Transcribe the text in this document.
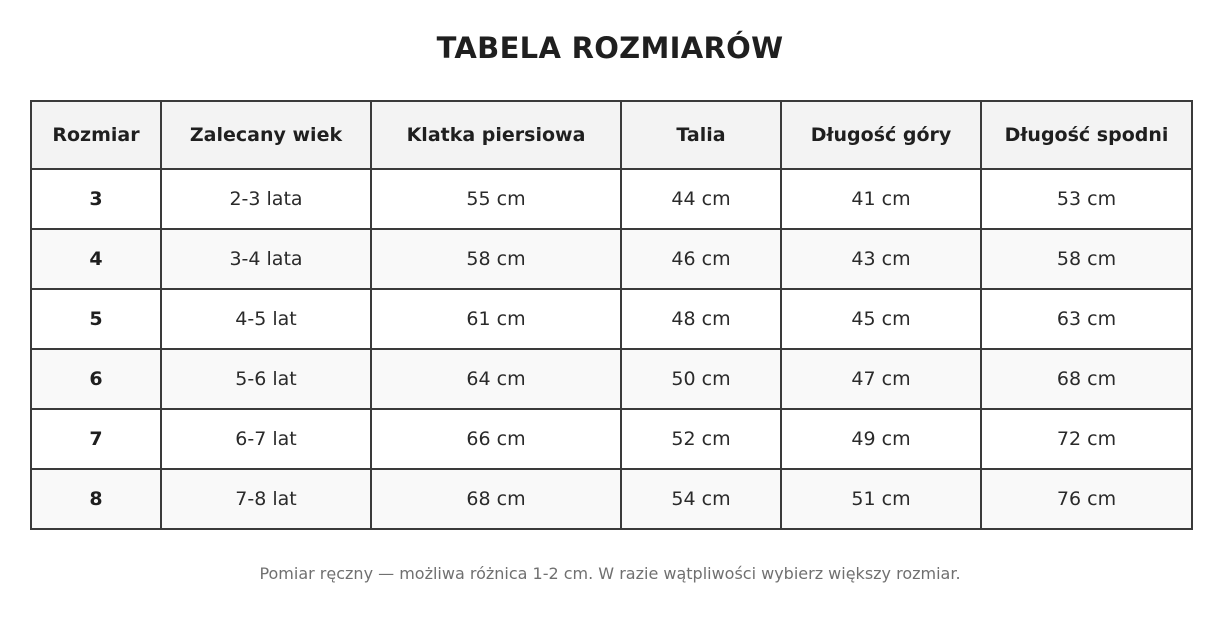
TABELA ROZMIARÓW
Rozmiar	Zalecany wiek	Klatka piersiowa	Talia	Długość góry	Długość spodni
3	2-3 lata	55 cm	44 cm	41 cm	53 cm
4	3-4 lata	58 cm	46 cm	43 cm	58 cm
5	4-5 lat	61 cm	48 cm	45 cm	63 cm
6	5-6 lat	64 cm	50 cm	47 cm	68 cm
7	6-7 lat	66 cm	52 cm	49 cm	72 cm
8	7-8 lat	68 cm	54 cm	51 cm	76 cm
Pomiar ręczny — możliwa różnica 1-2 cm. W razie wątpliwości wybierz większy rozmiar.
